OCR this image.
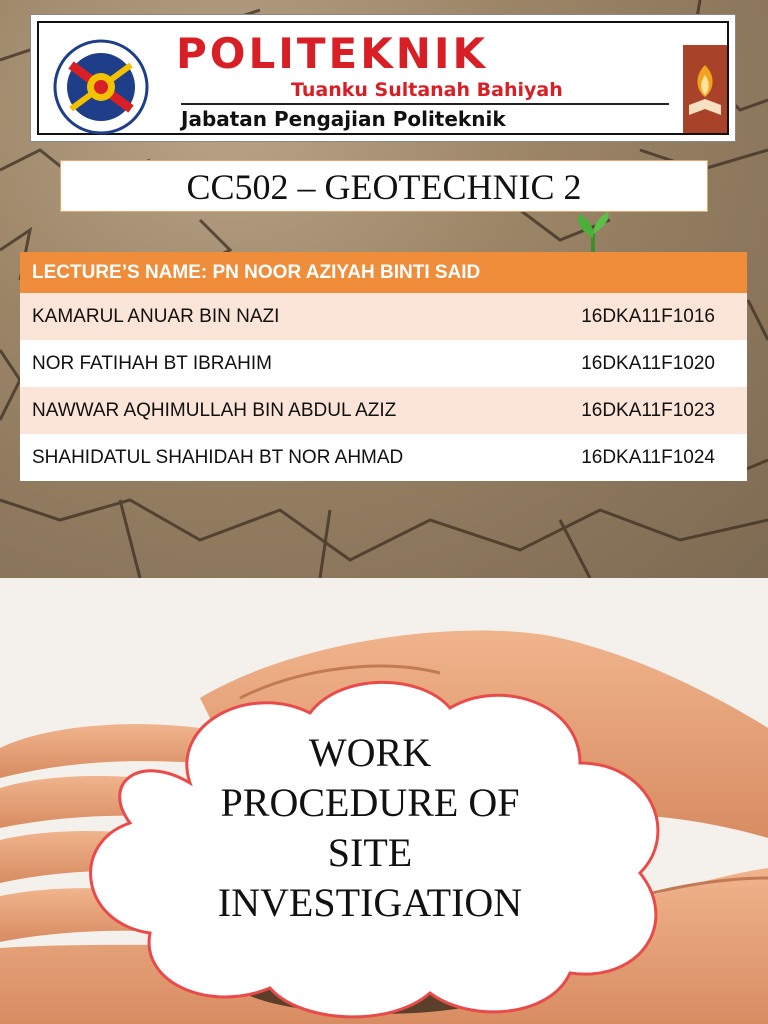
POLITEKNIK
Tuanku Sultanah Bahiyah
Jabatan Pengajian Politeknik
CC502 – GEOTECHNIC 2
LECTURE’S NAME: PN NOOR AZIYAH BINTI SAID	
KAMARUL ANUAR BIN NAZI	16DKA11F1016
NOR FATIHAH BT IBRAHIM	16DKA11F1020
NAWWAR AQHIMULLAH BIN ABDUL AZIZ	16DKA11F1023
SHAHIDATUL SHAHIDAH BT NOR AHMAD	16DKA11F1024
WORK
PROCEDURE OF
SITE
INVESTIGATION
